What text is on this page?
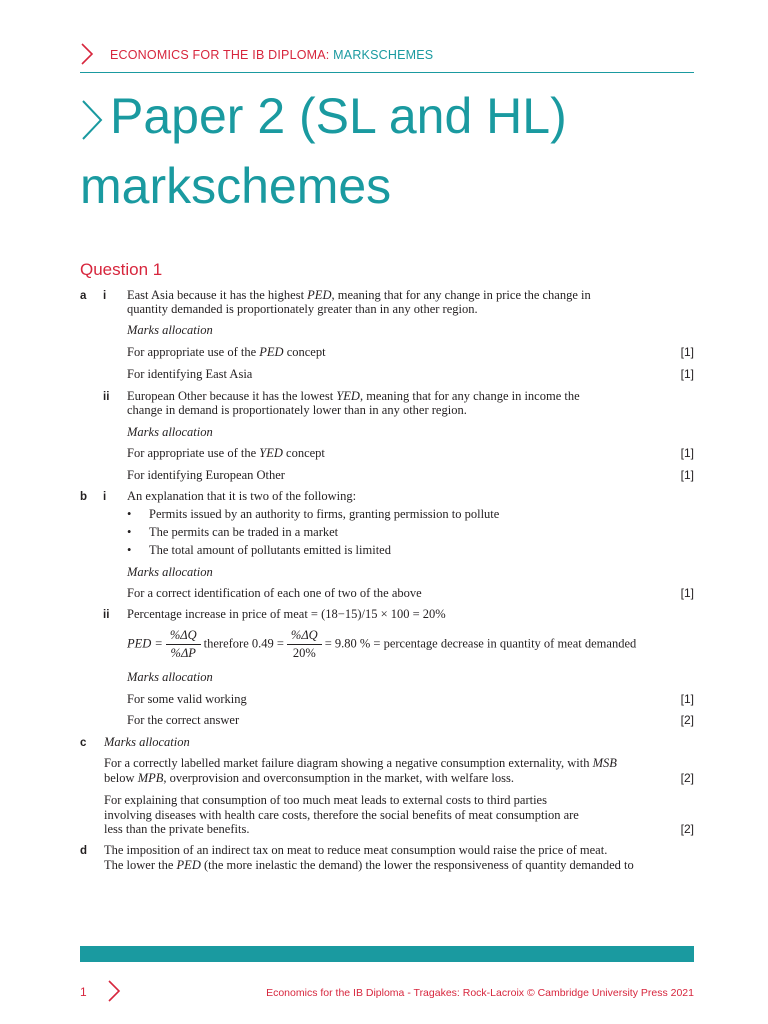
ECONOMICS FOR THE IB DIPLOMA: MARKSCHEMES
Paper 2 (SL and HL)
markschemes
Question 1
a i East Asia because it has the highest PED, meaning that for any change in price the change in
quantity demanded is proportionately greater than in any other region.
Marks allocation
For appropriate use of the PED concept	[1]
For identifying East Asia	[1]
ii European Other because it has the lowest YED, meaning that for any change in income the
change in demand is proportionately lower than in any other region.
Marks allocation
For appropriate use of the YED concept	[1]
For identifying European Other	[1]
b i An explanation that it is two of the following:
• Permits issued by an authority to firms, granting permission to pollute
• The permits can be traded in a market
• The total amount of pollutants emitted is limited
Marks allocation
For a correct identification of each one of two of the above	[1]
ii Percentage increase in price of meat = (18−15)/15 × 100 = 20%
PED = $\frac{\%\Delta Q}{\%\Delta P}$ therefore $0.49 = \frac{\%\Delta Q}{20\%} = 9.80$ % = percentage decrease in quantity of meat demanded
Marks allocation
For some valid working	[1]
For the correct answer	[2]
c Marks allocation
For a correctly labelled market failure diagram showing a negative consumption externality, with MSB
below MPB, overprovision and overconsumption in the market, with welfare loss.	[2]
For explaining that consumption of too much meat leads to external costs to third parties
involving diseases with health care costs, therefore the social benefits of meat consumption are
less than the private benefits.	[2]
d The imposition of an indirect tax on meat to reduce meat consumption would raise the price of meat.
The lower the PED (the more inelastic the demand) the lower the responsiveness of quantity demanded to
1	Economics for the IB Diploma - Tragakes: Rock-Lacroix © Cambridge University Press 2021
